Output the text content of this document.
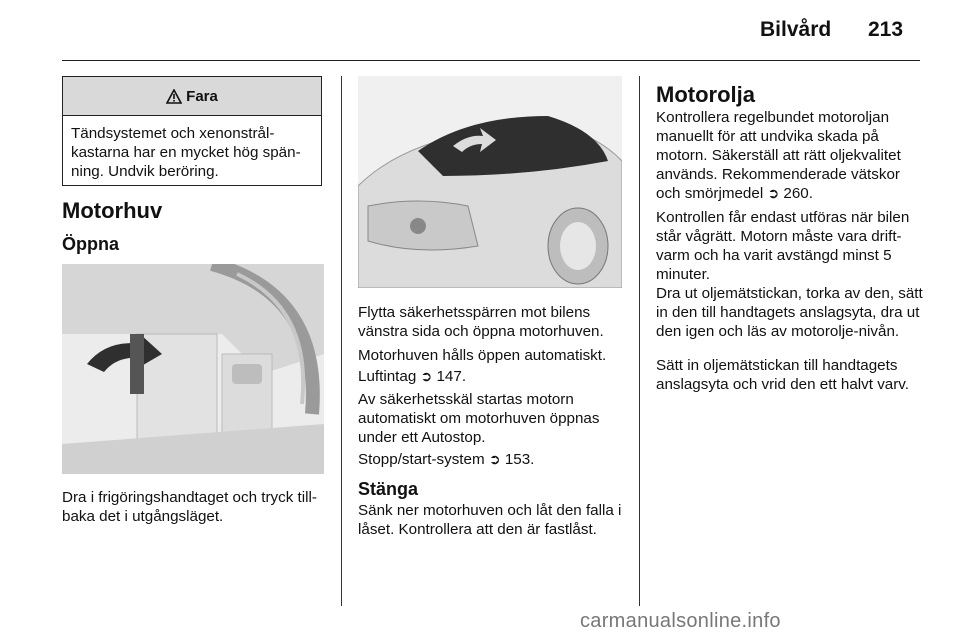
Bilvård	213
Fara
Tändsystemet och xenonstrål-kastarna har en mycket hög spän-ning. Undvik beröring.
Motorhuv
Öppna

Dra i frigöringshandtaget och tryck till-baka det i utgångsläget.

Flytta säkerhetsspärren mot bilens vänstra sida och öppna motorhuven.

Motorhuven hålls öppen automatiskt.

Luftintag ➲ 147.

Av säkerhetsskäl startas motorn automatiskt om motorhuven öppnas under ett Autostop.

Stopp/start-system ➲ 153.

Stänga

Sänk ner motorhuven och låt den falla i låset. Kontrollera att den är fastlåst.

Motorolja

Kontrollera regelbundet motoroljan manuellt för att undvika skada på motorn. Säkerställ att rätt oljekvalitet används. Rekommenderade vätskor och smörjmedel ➲ 260.

Kontrollen får endast utföras när bilen står vågrätt. Motorn måste vara drift-varm och ha varit avstängd minst 5 minuter.

Dra ut oljemätstickan, torka av den, sätt in den till handtagets anslagsyta, dra ut den igen och läs av motorolje-nivån.

Sätt in oljemätstickan till handtagets anslagsyta och vrid den ett halvt varv.

carmanualsonline.info
